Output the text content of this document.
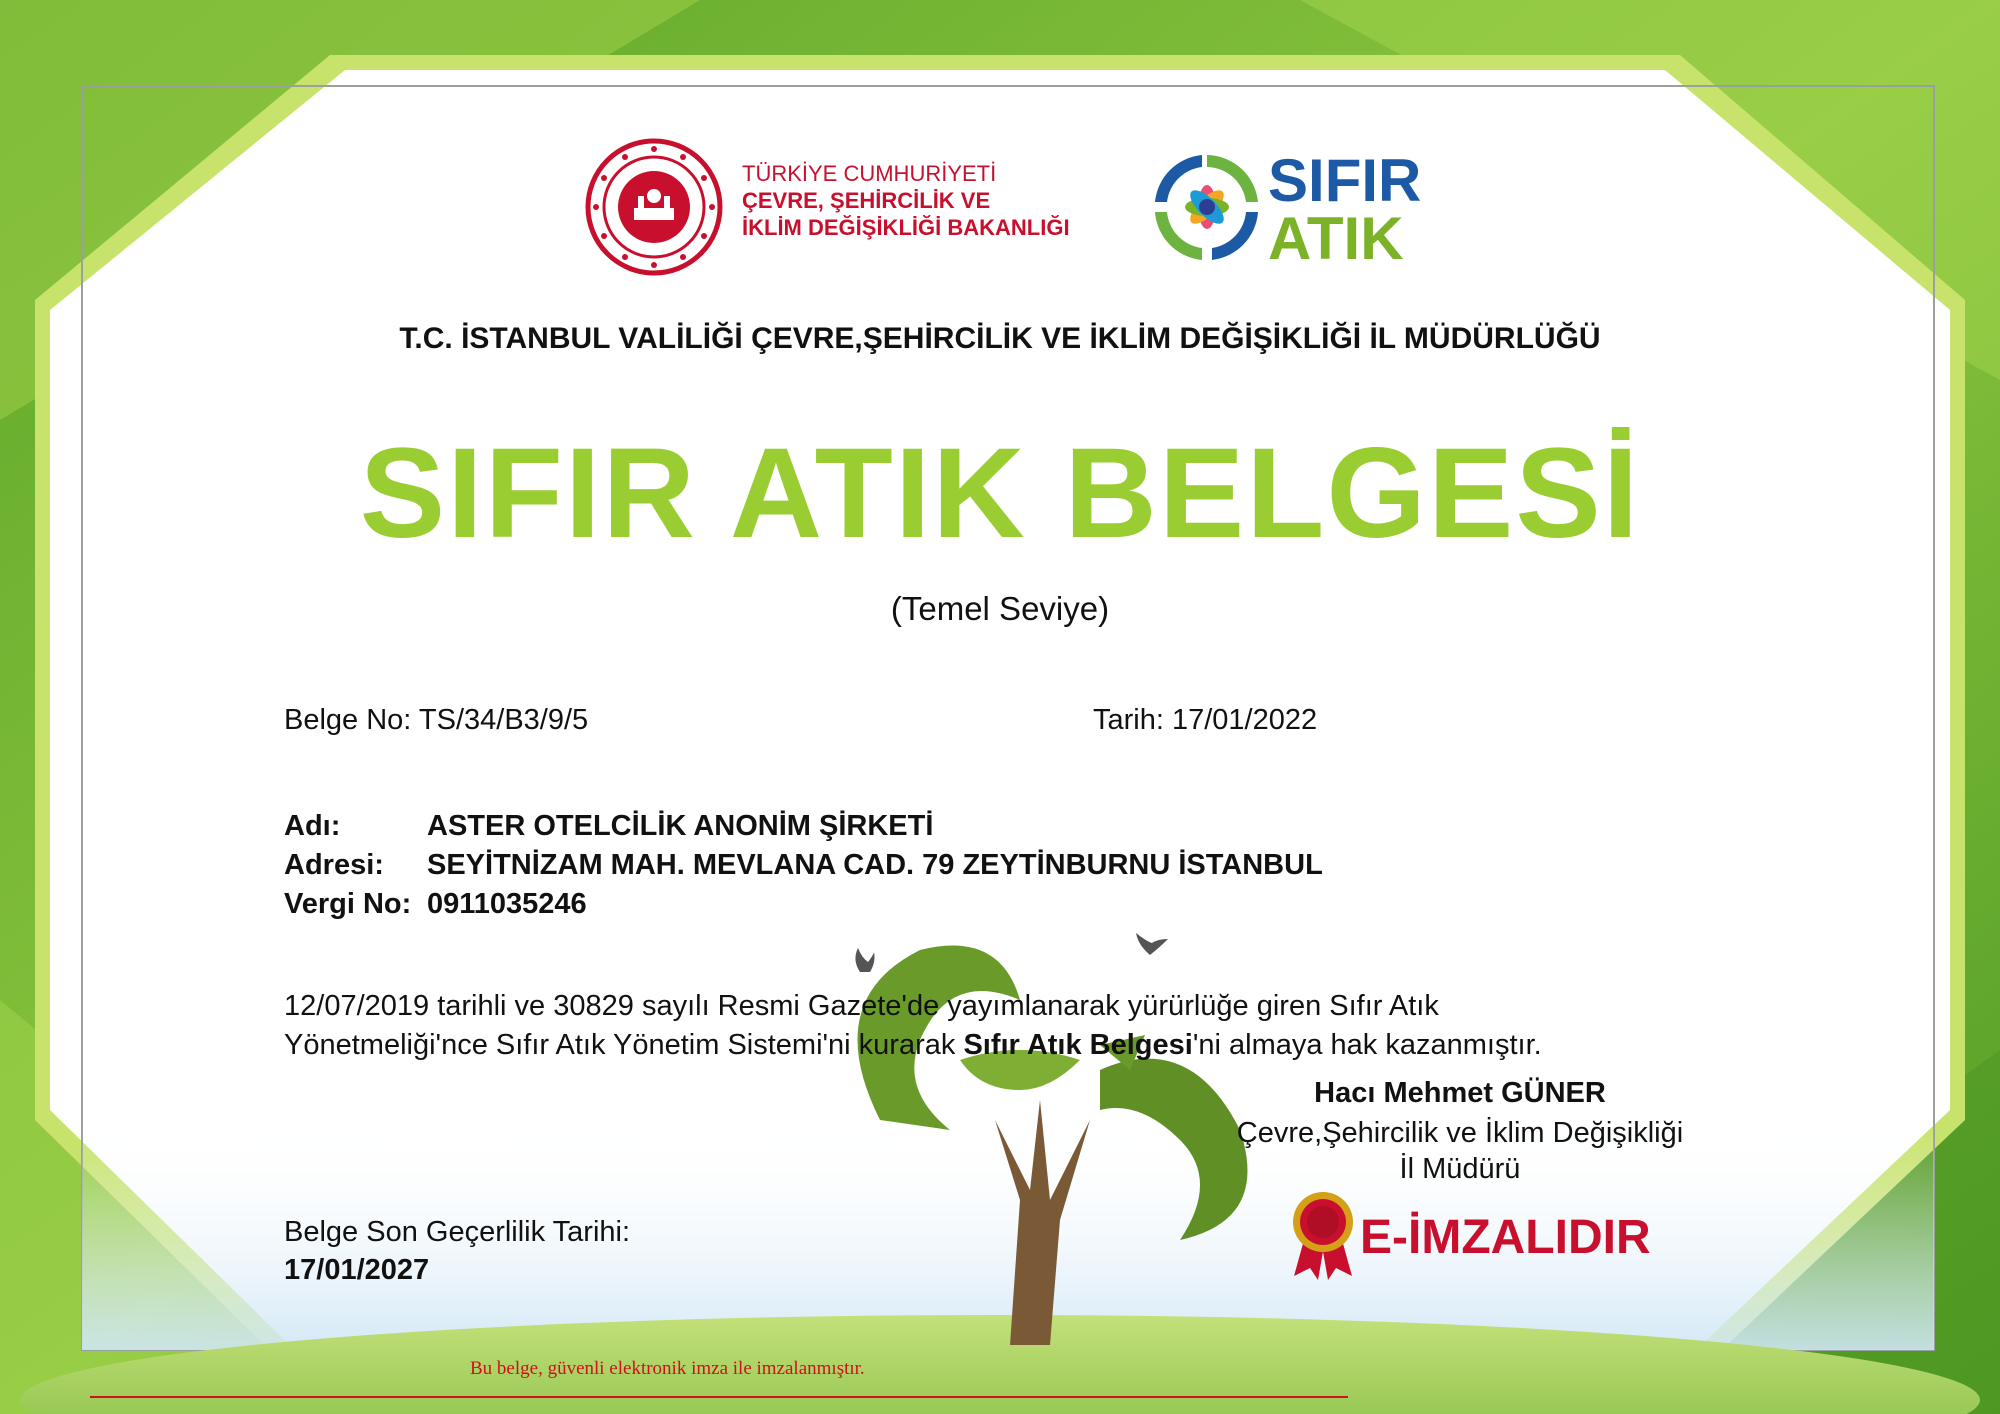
TÜRKİYE CUMHURİYETİ
ÇEVRE, ŞEHİRCİLİK VE
İKLİM DEĞİŞİKLİĞİ BAKANLIĞI
SIFIR
ATIK
T.C. İSTANBUL VALİLİĞİ ÇEVRE,ŞEHİRCİLİK VE İKLİM DEĞİŞİKLİĞİ İL MÜDÜRLÜĞÜ
SIFIR ATIK BELGESİ
(Temel Seviye)
Belge No: TS/34/B3/9/5	Tarih: 17/01/2022
Adı:	ASTER OTELCİLİK ANONİM ŞİRKETİ
Adresi: SEYİTNİZAM MAH. MEVLANA CAD. 79 ZEYTİNBURNU İSTANBUL
Vergi No: 0911035246
12/07/2019 tarihli ve 30829 sayılı Resmi Gazete'de yayımlanarak yürürlüğe giren Sıfır Atık
Yönetmeliği'nce Sıfır Atık Yönetim Sistemi'ni kurarak Sıfır Atık Belgesi'ni almaya hak kazanmıştır.
Hacı Mehmet GÜNER
Çevre,Şehircilik ve İklim Değişikliği
İl Müdürü
E-İMZALIDIR
Belge Son Geçerlilik Tarihi:
17/01/2027
Bu belge, güvenli elektronik imza ile imzalanmıştır.
